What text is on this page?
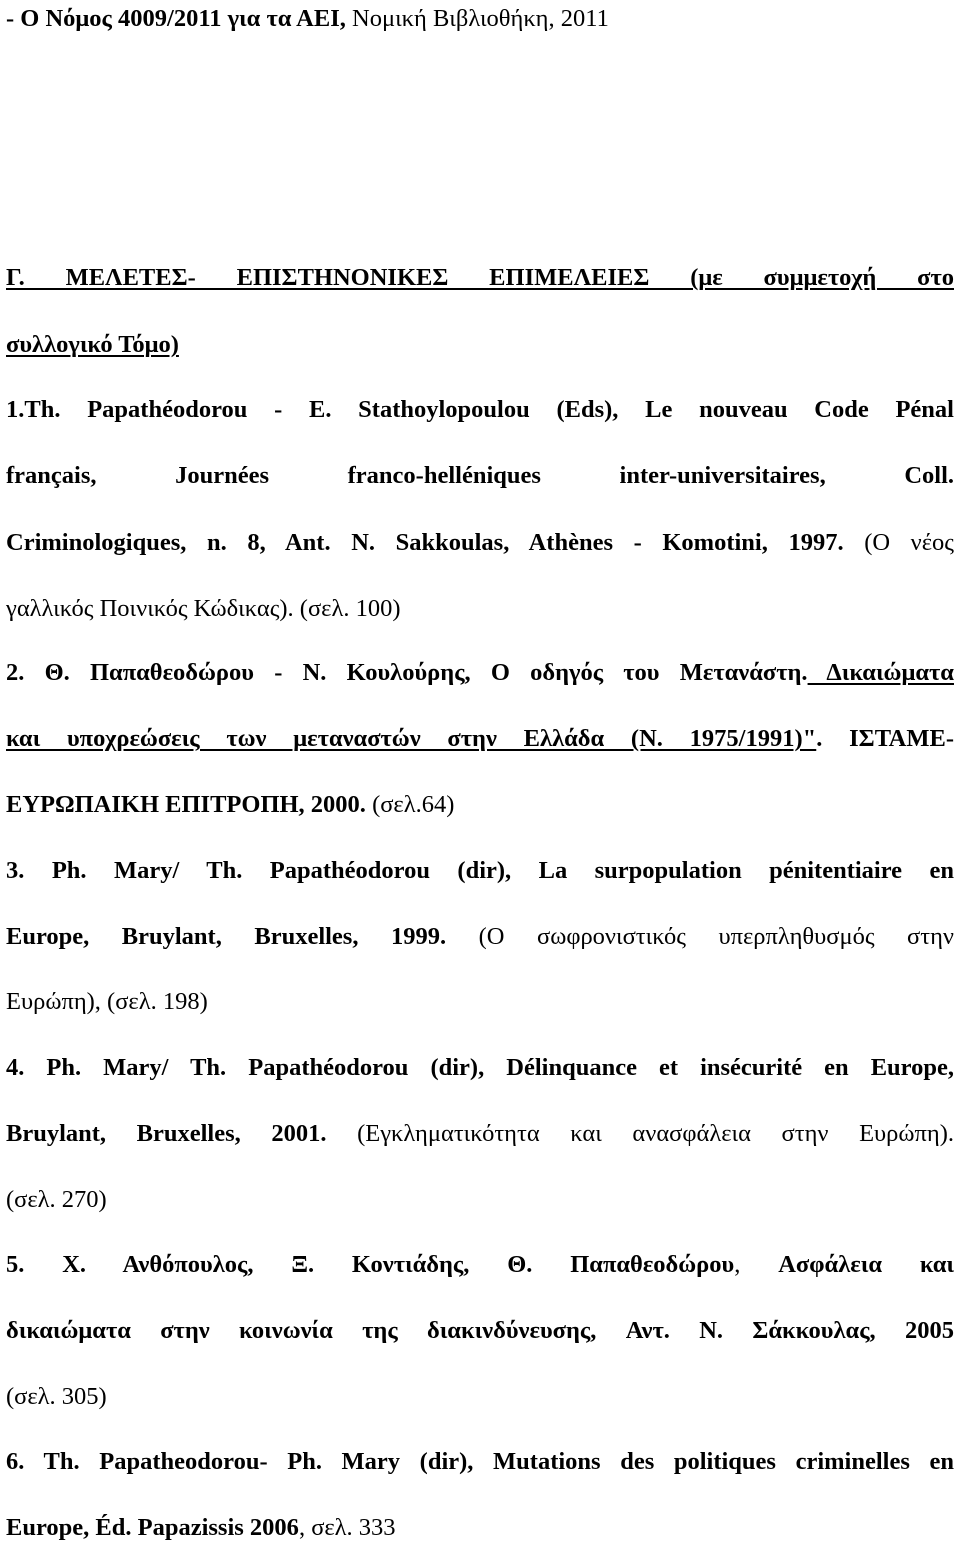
- Ο Νόμος 4009/2011 για τα ΑΕΙ, Νομική Βιβλιοθήκη, 2011
Γ. ΜΕΛΕΤΕΣ- ΕΠΙΣΤΗΝΟΝΙΚΕΣ ΕΠΙΜΕΛΕΙΕΣ (με συμμετοχή στο
συλλογικό Τόμο)
1.Th. Papathéodorou - E. Stathoylopoulou (Eds), Le nouveau Code Pénal
français, Journées franco-helléniques inter-universitaires, Coll.
Criminologiques, n. 8, Ant. N. Sakkoulas, Athènes - Komotini, 1997. (Ο νέος
γαλλικός Ποινικός Κώδικας). (σελ. 100)
2. Θ. Παπαθεοδώρου - Ν. Κουλούρης, Ο οδηγός του Μετανάστη. Δικαιώματα
και υποχρεώσεις των μεταναστών στην Ελλάδα (Ν. 1975/1991)". ΙΣΤΑΜΕ-
ΕΥΡΩΠΑΙΚΗ ΕΠΙΤΡΟΠΗ, 2000. (σελ.64)
3. Ph. Mary/ Th. Papathéodorou (dir), La surpopulation pénitentiaire en
Europe, Bruylant, Bruxelles, 1999. (Ο σωφρονιστικός υπερπληθυσμός στην
Ευρώπη), (σελ. 198)
4. Ph. Mary/ Th. Papathéodorou (dir), Délinquance et insécurité en Europe,
Bruylant, Bruxelles, 2001. (Εγκληματικότητα και ανασφάλεια στην Ευρώπη).
(σελ. 270)
5. Χ. Ανθόπουλος, Ξ. Κοντιάδης, Θ. Παπαθεοδώρου, Ασφάλεια και
δικαιώματα στην κοινωνία της διακινδύνευσης, Αντ. Ν. Σάκκουλας, 2005
(σελ. 305)
6. Th. Papatheodorou- Ph. Mary (dir), Mutations des politiques criminelles en
Europe, Éd. Papazissis 2006, σελ. 333
